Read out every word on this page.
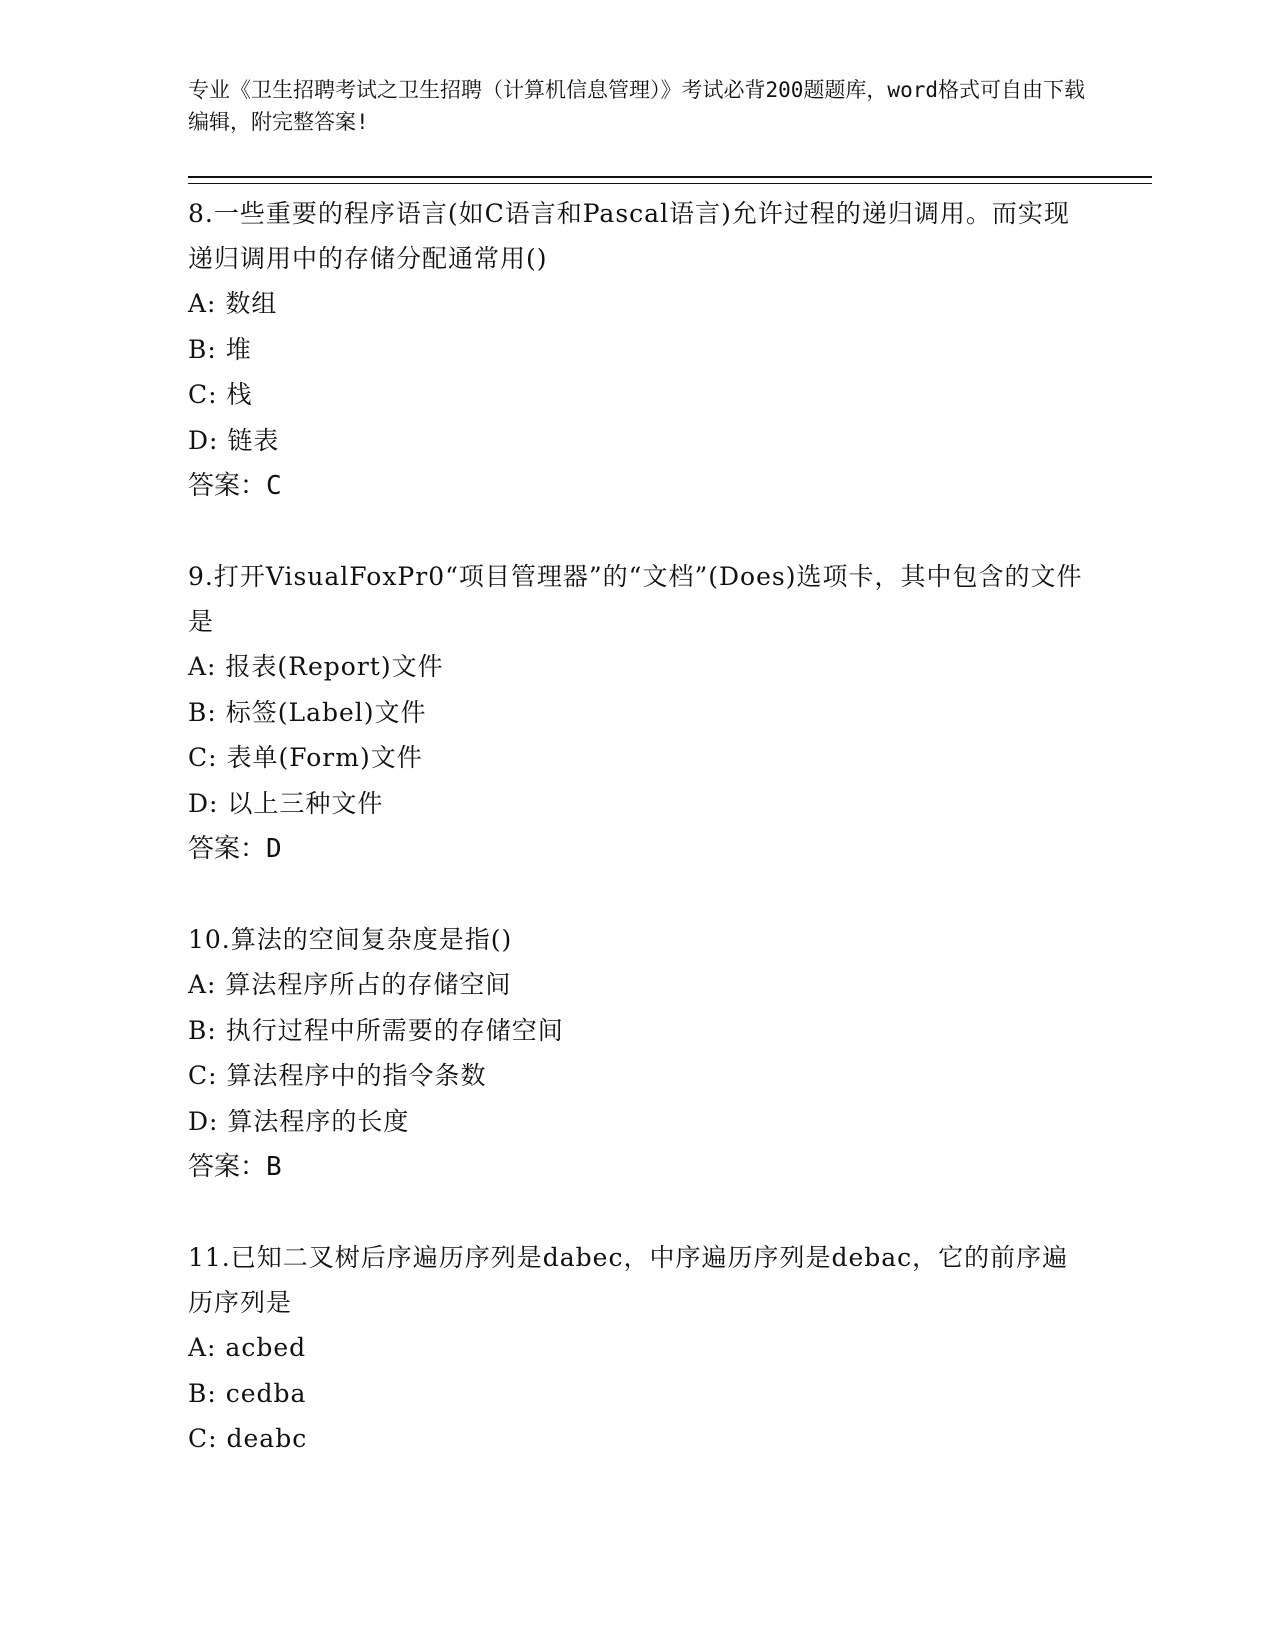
专业《卫生招聘考试之卫生招聘（计算机信息管理）》考试必背200题题库，word格式可自由下载编辑，附完整答案!
8.一些重要的程序语言(如C语言和Pascal语言)允许过程的递归调用。而实现递归调用中的存储分配通常用()
A: 数组
B: 堆
C: 栈
D: 链表
答案：C
9.打开VisualFoxPr0“项目管理器”的“文档”(Does)选项卡，其中包含的文件是
A: 报表(Report)文件
B: 标签(Label)文件
C: 表单(Form)文件
D: 以上三种文件
答案：D
10.算法的空间复杂度是指()
A: 算法程序所占的存储空间
B: 执行过程中所需要的存储空间
C: 算法程序中的指令条数
D: 算法程序的长度
答案：B
11.已知二叉树后序遍历序列是dabec，中序遍历序列是debac，它的前序遍历序列是
A: acbed
B: cedba
C: deabc
